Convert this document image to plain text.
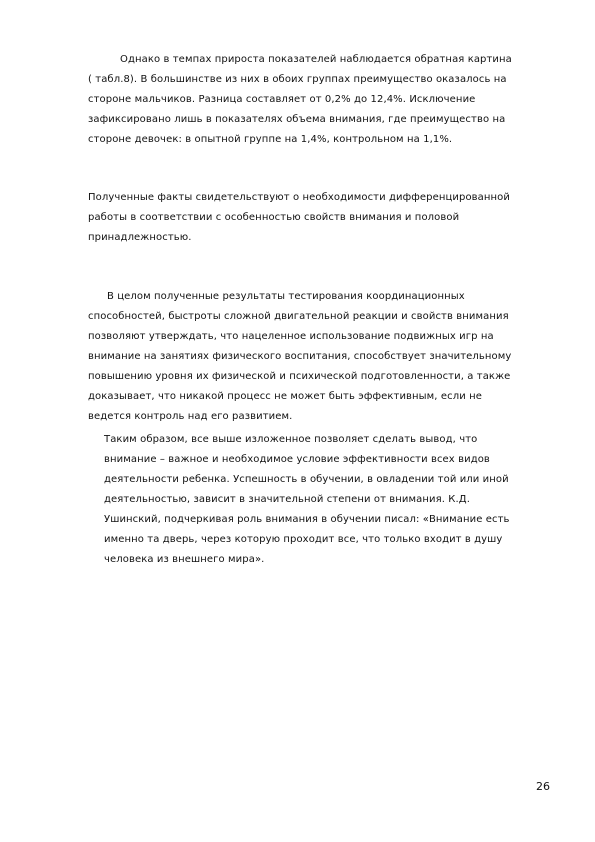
Однако в темпах прироста показателей наблюдается обратная картина
( табл.8). В большинстве из них в обоих группах преимущество оказалось на
стороне мальчиков. Разница составляет от 0,2% до 12,4%. Исключение
зафиксировано лишь в показателях объема внимания, где преимущество на
стороне девочек: в опытной группе на 1,4%, контрольном на 1,1%.
Полученные факты свидетельствуют о необходимости дифференцированной
работы в соответствии с особенностью свойств внимания и половой
принадлежностью.
В целом полученные результаты тестирования координационных
способностей, быстроты сложной двигательной реакции и свойств внимания
позволяют утверждать, что нацеленное использование подвижных игр на
внимание на занятиях физического воспитания, способствует значительному
повышению уровня их физической и психической подготовленности, а также
доказывает, что никакой процесс не может быть эффективным, если не
ведется контроль над его развитием.
Таким образом, все выше изложенное позволяет сделать вывод, что
внимание – важное и необходимое условие эффективности всех видов
деятельности ребенка. Успешность в обучении, в овладении той или иной
деятельностью, зависит в значительной степени от внимания. К.Д.
Ушинский, подчеркивая роль внимания в обучении писал: «Внимание есть
именно та дверь, через которую проходит все, что только входит в душу
человека из внешнего мира».
26
